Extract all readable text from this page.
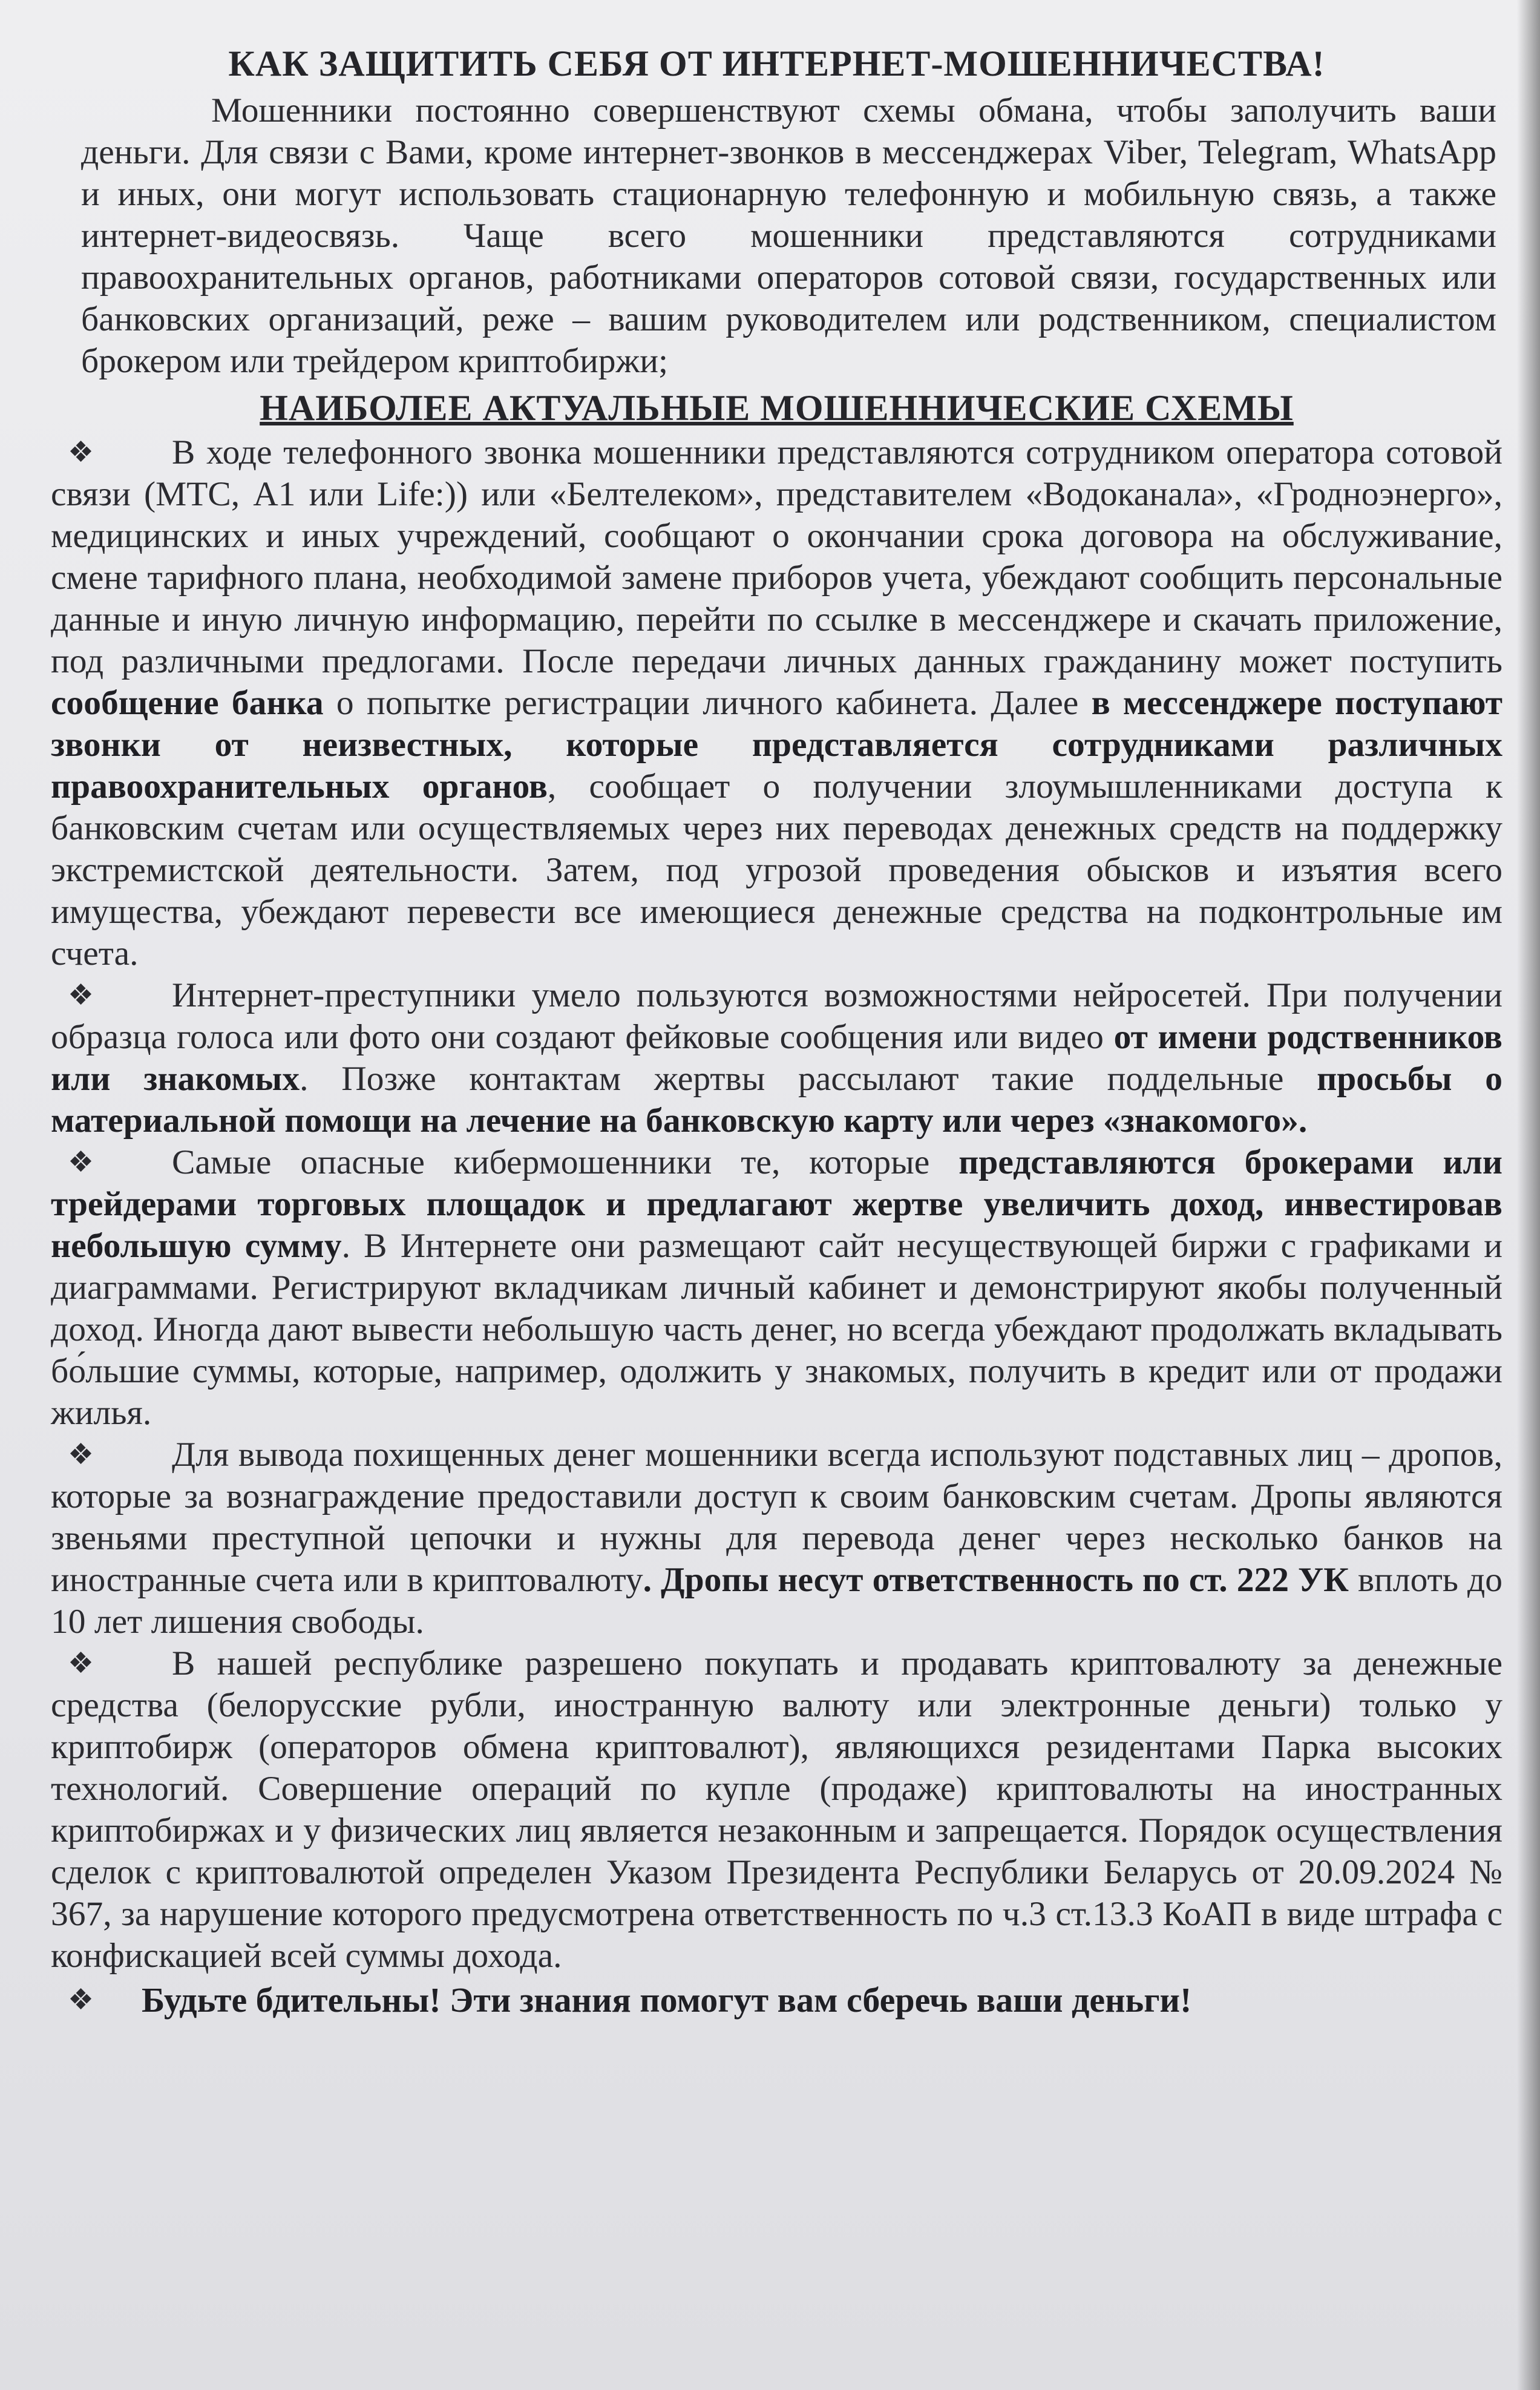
КАК ЗАЩИТИТЬ СЕБЯ ОТ ИНТЕРНЕТ-МОШЕННИЧЕСТВА!

Мошенники постоянно совершенствуют схемы обмана, чтобы заполучить ваши деньги. Для связи с Вами, кроме интернет-звонков в мессенджерах Viber, Telegram, WhatsApp и иных, они могут использовать стационарную телефонную и мобильную связь, а также интернет-видеосвязь. Чаще всего мошенники представляются сотрудниками правоохранительных органов, работниками операторов сотовой связи, государственных или банковских организаций, реже – вашим руководителем или родственником, специалистом брокером или трейдером криптобиржи;

НАИБОЛЕЕ АКТУАЛЬНЫЕ МОШЕННИЧЕСКИЕ СХЕМЫ

❖ В ходе телефонного звонка мошенники представляются сотрудником оператора сотовой связи (МТС, А1 или Life:)) или «Белтелеком», представителем «Водоканала», «Гродноэнерго», медицинских и иных учреждений, сообщают о окончании срока договора на обслуживание, смене тарифного плана, необходимой замене приборов учета, убеждают сообщить персональные данные и иную личную информацию, перейти по ссылке в мессенджере и скачать приложение, под различными предлогами. После передачи личных данных гражданину может поступить сообщение банка о попытке регистрации личного кабинета. Далее в мессенджере поступают звонки от неизвестных, которые представляется сотрудниками различных правоохранительных органов, сообщает о получении злоумышленниками доступа к банковским счетам или осуществляемых через них переводах денежных средств на поддержку экстремистской деятельности. Затем, под угрозой проведения обысков и изъятия всего имущества, убеждают перевести все имеющиеся денежные средства на подконтрольные им счета.

❖ Интернет-преступники умело пользуются возможностями нейросетей. При получении образца голоса или фото они создают фейковые сообщения или видео от имени родственников или знакомых. Позже контактам жертвы рассылают такие поддельные просьбы о материальной помощи на лечение на банковскую карту или через «знакомого».

❖ Самые опасные кибермошенники те, которые представляются брокерами или трейдерами торговых площадок и предлагают жертве увеличить доход, инвестировав небольшую сумму. В Интернете они размещают сайт несуществующей биржи с графиками и диаграммами. Регистрируют вкладчикам личный кабинет и демонстрируют якобы полученный доход. Иногда дают вывести небольшую часть денег, но всегда убеждают продолжать вкладывать бо́льшие суммы, которые, например, одолжить у знакомых, получить в кредит или от продажи жилья.

❖ Для вывода похищенных денег мошенники всегда используют подставных лиц – дропов, которые за вознаграждение предоставили доступ к своим банковским счетам. Дропы являются звеньями преступной цепочки и нужны для перевода денег через несколько банков на иностранные счета или в криптовалюту. Дропы несут ответственность по ст. 222 УК вплоть до 10 лет лишения свободы.

❖ В нашей республике разрешено покупать и продавать криптовалюту за денежные средства (белорусские рубли, иностранную валюту или электронные деньги) только у криптобирж (операторов обмена криптовалют), являющихся резидентами Парка высоких технологий. Совершение операций по купле (продаже) криптовалюты на иностранных криптобиржах и у физических лиц является незаконным и запрещается. Порядок осуществления сделок с криптовалютой определен Указом Президента Республики Беларусь от 20.09.2024 № 367, за нарушение которого предусмотрена ответственность по ч.3 ст.13.3 КоАП в виде штрафа с конфискацией всей суммы дохода.

❖ Будьте бдительны! Эти знания помогут вам сберечь ваши деньги!
